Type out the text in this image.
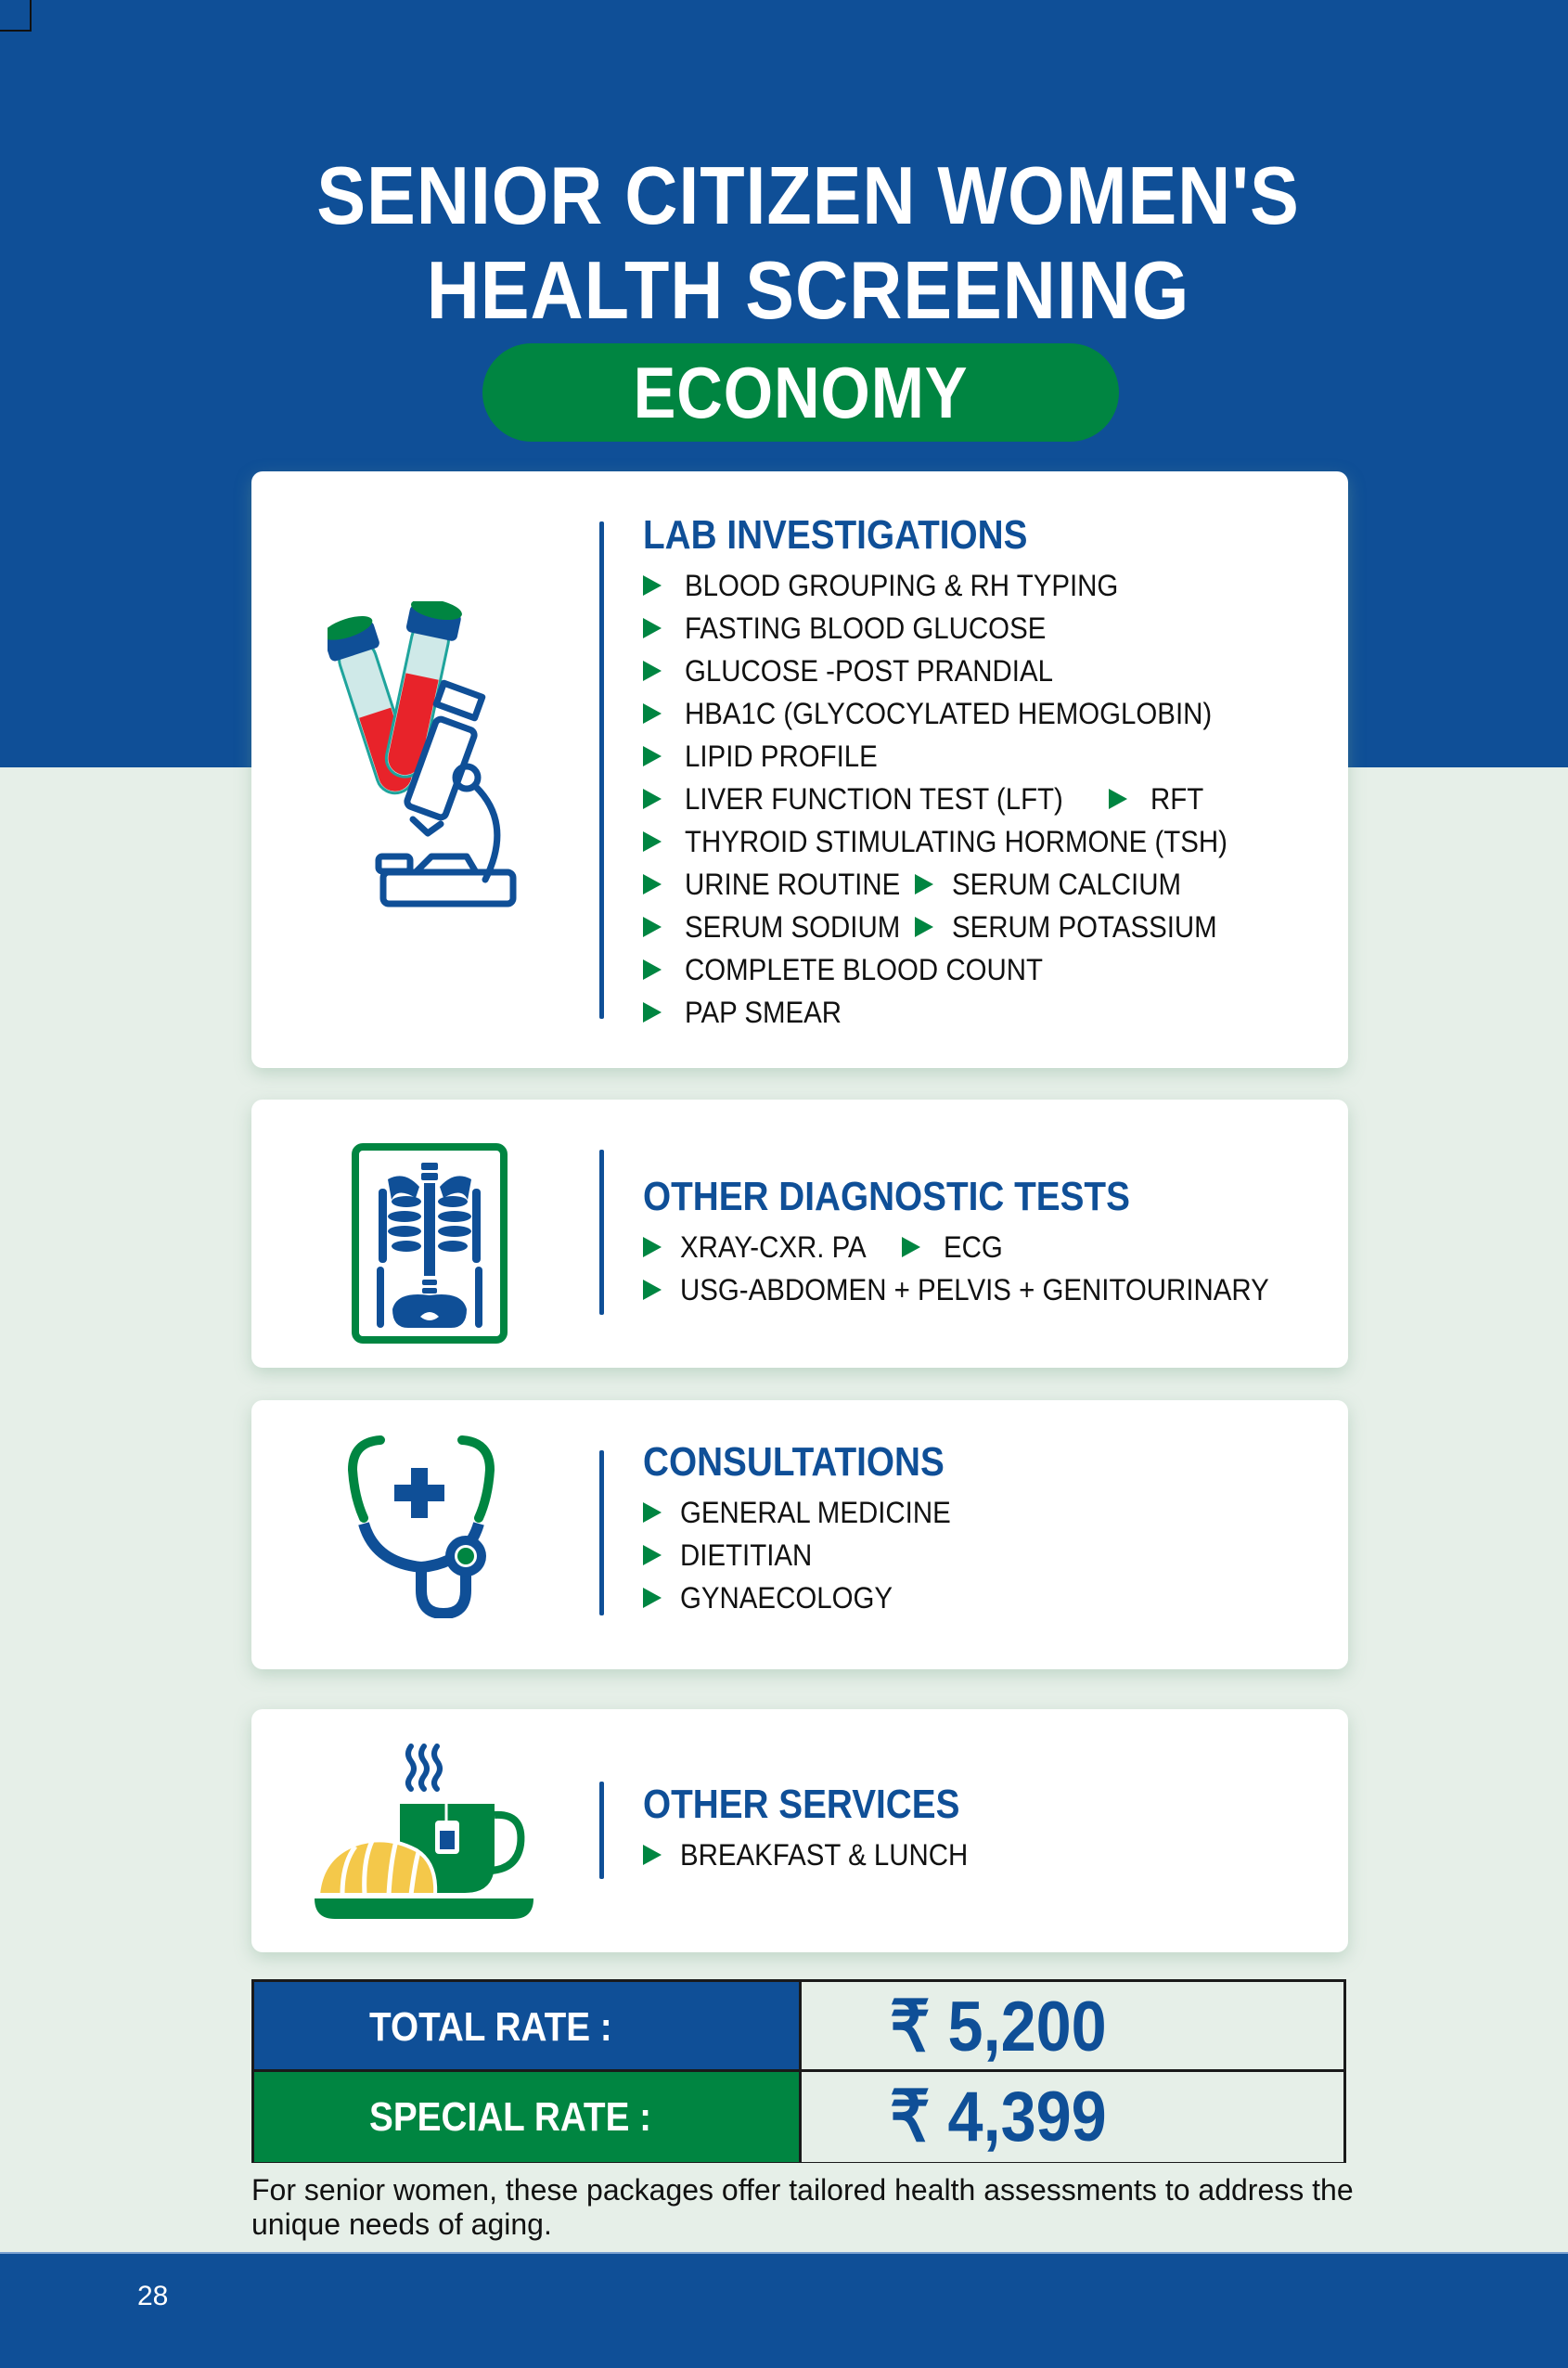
SENIOR CITIZEN WOMEN'S
HEALTH SCREENING
ECONOMY
LAB INVESTIGATIONS
BLOOD GROUPING & RH TYPING
FASTING BLOOD GLUCOSE
GLUCOSE -POST PRANDIAL
HBA1C (GLYCOCYLATED HEMOGLOBIN)
LIPID PROFILE
LIVER FUNCTION TEST (LFT)	RFT
THYROID STIMULATING HORMONE (TSH)
URINE ROUTINE SERUM CALCIUM
SERUM SODIUM SERUM POTASSIUM
COMPLETE BLOOD COUNT
PAP SMEAR
OTHER DIAGNOSTIC TESTS
XRAY-CXR. PA	ECG
USG-ABDOMEN + PELVIS + GENITOURINARY
CONSULTATIONS
GENERAL MEDICINE
DIETITIAN
GYNAECOLOGY
OTHER SERVICES
BREAKFAST & LUNCH
TOTAL RATE :	₹ 5,200
SPECIAL RATE :	₹ 4,399
For senior women, these packages offer tailored health assessments to address the unique needs of aging.
28
